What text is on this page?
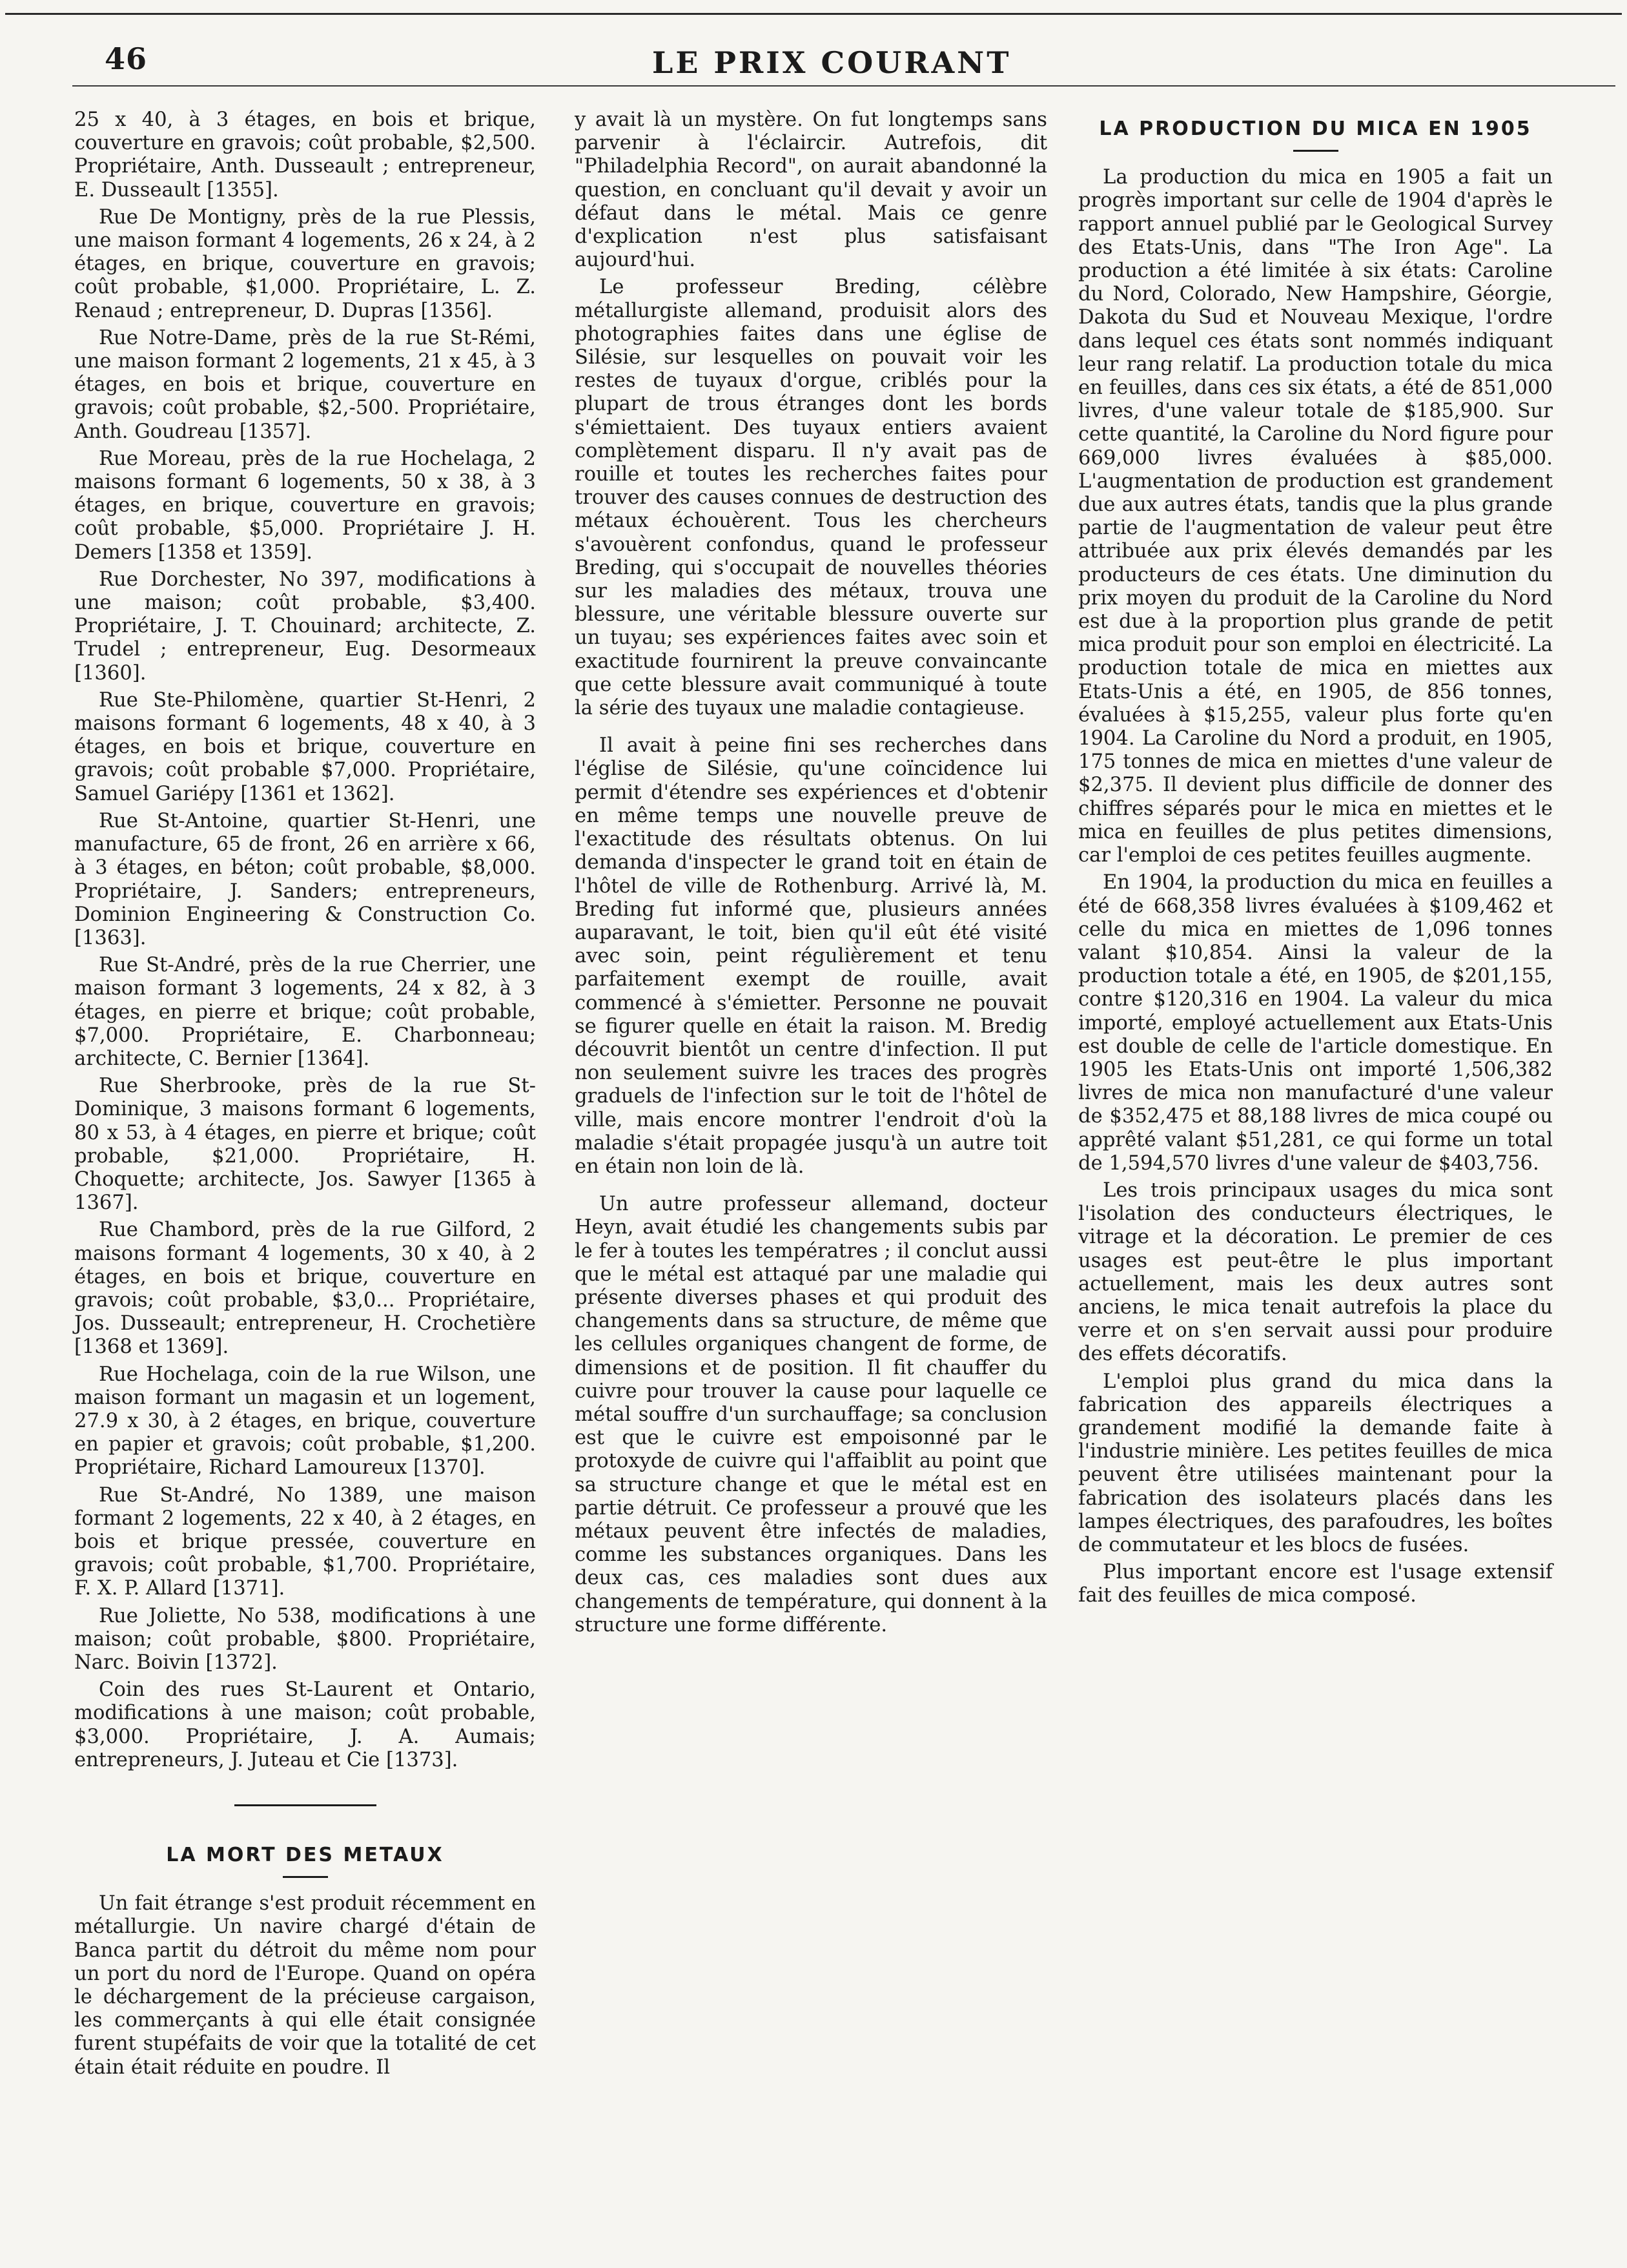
46	LE PRIX COURANT

25 x 40, à 3 étages, en bois et brique, couverture en gravois; coût probable, $2,500. Propriétaire, Anth. Dusseault ; entrepreneur, E. Dusseault [1355].

Rue De Montigny, près de la rue Plessis, une maison formant 4 logements, 26 x 24, à 2 étages, en brique, couverture en gravois; coût probable, $1,000. Propriétaire, L. Z. Renaud ; entrepreneur, D. Dupras [1356].

Rue Notre-Dame, près de la rue St-Rémi, une maison formant 2 logements, 21 x 45, à 3 étages, en bois et brique, couverture en gravois; coût probable, $2,-500. Propriétaire, Anth. Goudreau [1357].

Rue Moreau, près de la rue Hochelaga, 2 maisons formant 6 logements, 50 x 38, à 3 étages, en brique, couverture en gravois; coût probable, $5,000. Propriétaire J. H. Demers [1358 et 1359].

Rue Dorchester, No 397, modifications à une maison; coût probable, $3,400. Propriétaire, J. T. Chouinard; architecte, Z. Trudel ; entrepreneur, Eug. Desormeaux [1360].

Rue Ste-Philomène, quartier St-Henri, 2 maisons formant 6 logements, 48 x 40, à 3 étages, en bois et brique, couverture en gravois; coût probable $7,000. Propriétaire, Samuel Gariépy [1361 et 1362].

Rue St-Antoine, quartier St-Henri, une manufacture, 65 de front, 26 en arrière x 66, à 3 étages, en béton; coût probable, $8,000. Propriétaire, J. Sanders; entrepreneurs, Dominion Engineering & Construction Co. [1363].

Rue St-André, près de la rue Cherrier, une maison formant 3 logements, 24 x 82, à 3 étages, en pierre et brique; coût probable, $7,000. Propriétaire, E. Charbonneau; architecte, C. Bernier [1364].

Rue Sherbrooke, près de la rue St-Dominique, 3 maisons formant 6 logements, 80 x 53, à 4 étages, en pierre et brique; coût probable, $21,000. Propriétaire, H. Choquette; architecte, Jos. Sawyer [1365 à 1367].

Rue Chambord, près de la rue Gilford, 2 maisons formant 4 logements, 30 x 40, à 2 étages, en bois et brique, couverture en gravois; coût probable, $3,0... Propriétaire, Jos. Dusseault; entrepreneur, H. Crochetière [1368 et 1369].

Rue Hochelaga, coin de la rue Wilson, une maison formant un magasin et un logement, 27.9 x 30, à 2 étages, en brique, couverture en papier et gravois; coût probable, $1,200. Propriétaire, Richard Lamoureux [1370].

Rue St-André, No 1389, une maison formant 2 logements, 22 x 40, à 2 étages, en bois et brique pressée, couverture en gravois; coût probable, $1,700. Propriétaire, F. X. P. Allard [1371].

Rue Joliette, No 538, modifications à une maison; coût probable, $800. Propriétaire, Narc. Boivin [1372].

Coin des rues St-Laurent et Ontario, modifications à une maison; coût probable, $3,000. Propriétaire, J. A. Aumais; entrepreneurs, J. Juteau et Cie [1373].

LA MORT DES METAUX

Un fait étrange s'est produit récemment en métallurgie. Un navire chargé d'étain de Banca partit du détroit du même nom pour un port du nord de l'Europe. Quand on opéra le déchargement de la précieuse cargaison, les commerçants à qui elle était consignée furent stupéfaits de voir que la totalité de cet étain était réduite en poudre. Il

y avait là un mystère. On fut longtemps sans parvenir à l'éclaircir. Autrefois, dit "Philadelphia Record", on aurait abandonné la question, en concluant qu'il devait y avoir un défaut dans le métal. Mais ce genre d'explication n'est plus satisfaisant aujourd'hui.

Le professeur Breding, célèbre métallurgiste allemand, produisit alors des photographies faites dans une église de Silésie, sur lesquelles on pouvait voir les restes de tuyaux d'orgue, criblés pour la plupart de trous étranges dont les bords s'émiettaient. Des tuyaux entiers avaient complètement disparu. Il n'y avait pas de rouille et toutes les recherches faites pour trouver des causes connues de destruction des métaux échouèrent. Tous les chercheurs s'avouèrent confondus, quand le professeur Breding, qui s'occupait de nouvelles théories sur les maladies des métaux, trouva une blessure, une véritable blessure ouverte sur un tuyau; ses expériences faites avec soin et exactitude fournirent la preuve convaincante que cette blessure avait communiqué à toute la série des tuyaux une maladie contagieuse.

Il avait à peine fini ses recherches dans l'église de Silésie, qu'une coïncidence lui permit d'étendre ses expériences et d'obtenir en même temps une nouvelle preuve de l'exactitude des résultats obtenus. On lui demanda d'inspecter le grand toit en étain de l'hôtel de ville de Rothenburg. Arrivé là, M. Breding fut informé que, plusieurs années auparavant, le toit, bien qu'il eût été visité avec soin, peint régulièrement et tenu parfaitement exempt de rouille, avait commencé à s'émietter. Personne ne pouvait se figurer quelle en était la raison. M. Bredig découvrit bientôt un centre d'infection. Il put non seulement suivre les traces des progrès graduels de l'infection sur le toit de l'hôtel de ville, mais encore montrer l'endroit d'où la maladie s'était propagée jusqu'à un autre toit en étain non loin de là.

Un autre professeur allemand, docteur Heyn, avait étudié les changements subis par le fer à toutes les températres ; il conclut aussi que le métal est attaqué par une maladie qui présente diverses phases et qui produit des changements dans sa structure, de même que les cellules organiques changent de forme, de dimensions et de position. Il fit chauffer du cuivre pour trouver la cause pour laquelle ce métal souffre d'un surchauffage; sa conclusion est que le cuivre est empoisonné par le protoxyde de cuivre qui l'affaiblit au point que sa structure change et que le métal est en partie détruit. Ce professeur a prouvé que les métaux peuvent être infectés de maladies, comme les substances organiques. Dans les deux cas, ces maladies sont dues aux changements de température, qui donnent à la structure une forme différente.

LA PRODUCTION DU MICA EN 1905

La production du mica en 1905 a fait un progrès important sur celle de 1904 d'après le rapport annuel publié par le Geological Survey des Etats-Unis, dans "The Iron Age". La production a été limitée à six états: Caroline du Nord, Colorado, New Hampshire, Géorgie, Dakota du Sud et Nouveau Mexique, l'ordre dans lequel ces états sont nommés indiquant leur rang relatif. La production totale du mica en feuilles, dans ces six états, a été de 851,000 livres, d'une valeur totale de $185,900. Sur cette quantité, la Caroline du Nord figure pour 669,000 livres évaluées à $85,000. L'augmentation de production est grandement due aux autres états, tandis que la plus grande partie de l'augmentation de valeur peut être attribuée aux prix élevés demandés par les producteurs de ces états. Une diminution du prix moyen du produit de la Caroline du Nord est due à la proportion plus grande de petit mica produit pour son emploi en électricité. La production totale de mica en miettes aux Etats-Unis a été, en 1905, de 856 tonnes, évaluées à $15,255, valeur plus forte qu'en 1904. La Caroline du Nord a produit, en 1905, 175 tonnes de mica en miettes d'une valeur de $2,375. Il devient plus difficile de donner des chiffres séparés pour le mica en miettes et le mica en feuilles de plus petites dimensions, car l'emploi de ces petites feuilles augmente.

En 1904, la production du mica en feuilles a été de 668,358 livres évaluées à $109,462 et celle du mica en miettes de 1,096 tonnes valant $10,854. Ainsi la valeur de la production totale a été, en 1905, de $201,155, contre $120,316 en 1904. La valeur du mica importé, employé actuellement aux Etats-Unis est double de celle de l'article domestique. En 1905 les Etats-Unis ont importé 1,506,382 livres de mica non manufacturé d'une valeur de $352,475 et 88,188 livres de mica coupé ou apprêté valant $51,281, ce qui forme un total de 1,594,570 livres d'une valeur de $403,756.

Les trois principaux usages du mica sont l'isolation des conducteurs électriques, le vitrage et la décoration. Le premier de ces usages est peut-être le plus important actuellement, mais les deux autres sont anciens, le mica tenait autrefois la place du verre et on s'en servait aussi pour produire des effets décoratifs.

L'emploi plus grand du mica dans la fabrication des appareils électriques a grandement modifié la demande faite à l'industrie minière. Les petites feuilles de mica peuvent être utilisées maintenant pour la fabrication des isolateurs placés dans les lampes électriques, des parafoudres, les boîtes de commutateur et les blocs de fusées.

Plus important encore est l'usage extensif fait des feuilles de mica composé.
